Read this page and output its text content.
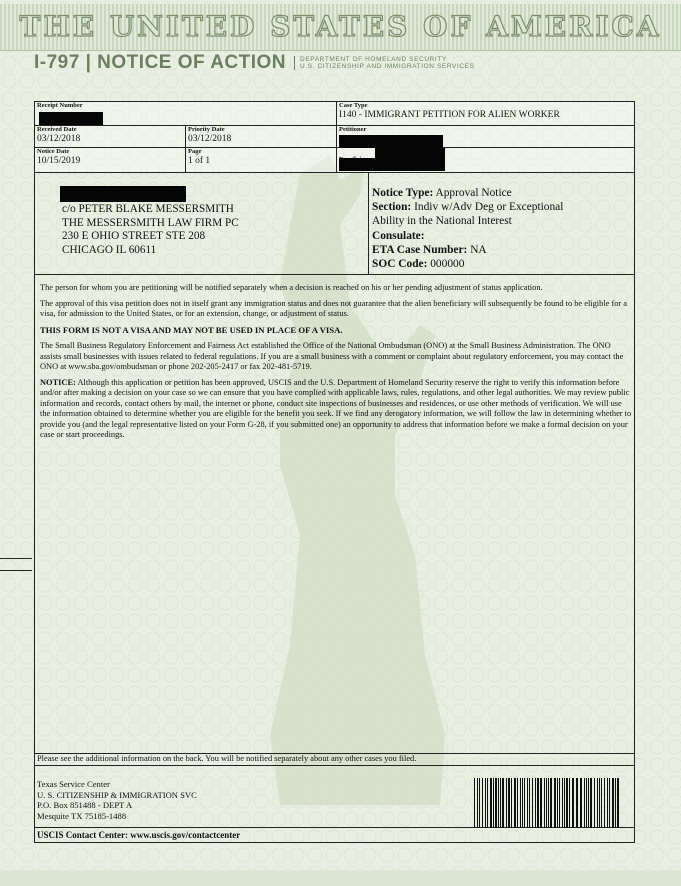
THE UNITED STATES OF AMERICA
I-797 | NOTICE OF ACTION DEPARTMENT OF HOMELAND SECURITY
U.S. CITIZENSHIP AND IMMIGRATION SERVICES
Receipt Number	Case Type
I140 - IMMIGRANT PETITION FOR ALIEN WORKER
Received Date
03/12/2018
Priority Date
03/12/2018
Petitioner
Notice Date
10/15/2019
Page
1 of 1
c/o PETER BLAKE MESSERSMITH
THE MESSERSMITH LAW FIRM PC
230 E OHIO STREET STE 208
CHICAGO IL 60611
Notice Type: Approval Notice
Section: Indiv w/Adv Deg or Exceptional
Ability in the National Interest
Consulate:
ETA Case Number: NA
SOC Code: 000000

The person for whom you are petitioning will be notified separately when a decision is reached on his or her pending adjustment of status application.

The approval of this visa petition does not in itself grant any immigration status and does not guarantee that the alien beneficiary will subsequently be found to be eligible for a visa, for admission to the United States, or for an extension, change, or adjustment of status.

THIS FORM IS NOT A VISA AND MAY NOT BE USED IN PLACE OF A VISA.

The Small Business Regulatory Enforcement and Fairness Act established the Office of the National Ombudsman (ONO) at the Small Business Administration. The ONO assists small businesses with issues related to federal regulations. If you are a small business with a comment or complaint about regulatory enforcement, you may contact the ONO at www.sba.gov/ombudsman or phone 202-205-2417 or fax 202-481-5719.

NOTICE: Although this application or petition has been approved, USCIS and the U.S. Department of Homeland Security reserve the right to verify this information before and/or after making a decision on your case so we can ensure that you have complied with applicable laws, rules, regulations, and other legal authorities. We may review public information and records, contact others by mail, the internet or phone, conduct site inspections of businesses and residences, or use other methods of verification. We will use the information obtained to determine whether you are eligible for the benefit you seek. If we find any derogatory information, we will follow the law in determining whether to provide you (and the legal representative listed on your Form G-28, if you submitted one) an opportunity to address that information before we make a formal decision on your case or start proceedings.

Please see the additional information on the back. You will be notified separately about any other cases you filed.
Texas Service Center
U. S. CITIZENSHIP & IMMIGRATION SVC
P.O. Box 851488 - DEPT A
Mesquite TX 75185-1488
USCIS Contact Center: www.uscis.gov/contactcenter
